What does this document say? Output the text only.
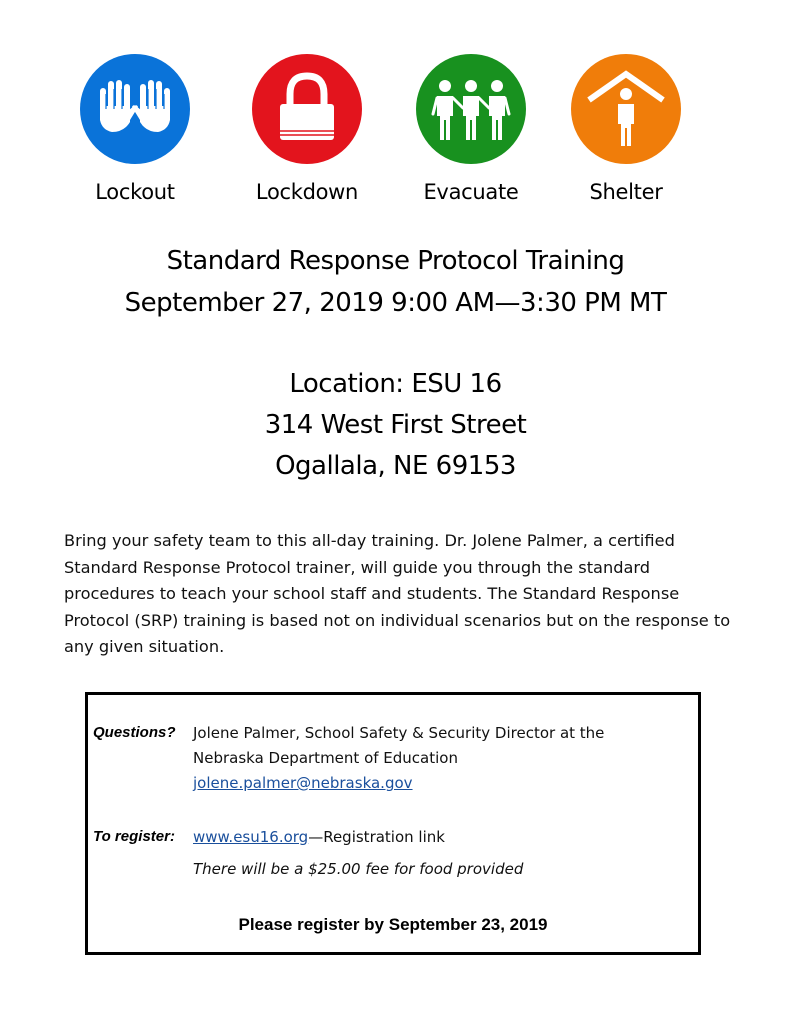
Lockout	Lockdown	Evacuate	Shelter
Standard Response Protocol Training
September 27, 2019 9:00 AM—3:30 PM MT
Location: ESU 16
314 West First Street
Ogallala, NE 69153
Bring your safety team to this all-day training. Dr. Jolene Palmer, a certified Standard Response Protocol trainer, will guide you through the standard procedures to teach your school staff and students. The Standard Response Protocol (SRP) training is based not on individual scenarios but on the response to any given situation.
Questions? Jolene Palmer, School Safety & Security Director at the
Nebraska Department of Education
jolene.palmer@nebraska.gov
To register: www.esu16.org—Registration link
There will be a $25.00 fee for food provided
Please register by September 23, 2019
